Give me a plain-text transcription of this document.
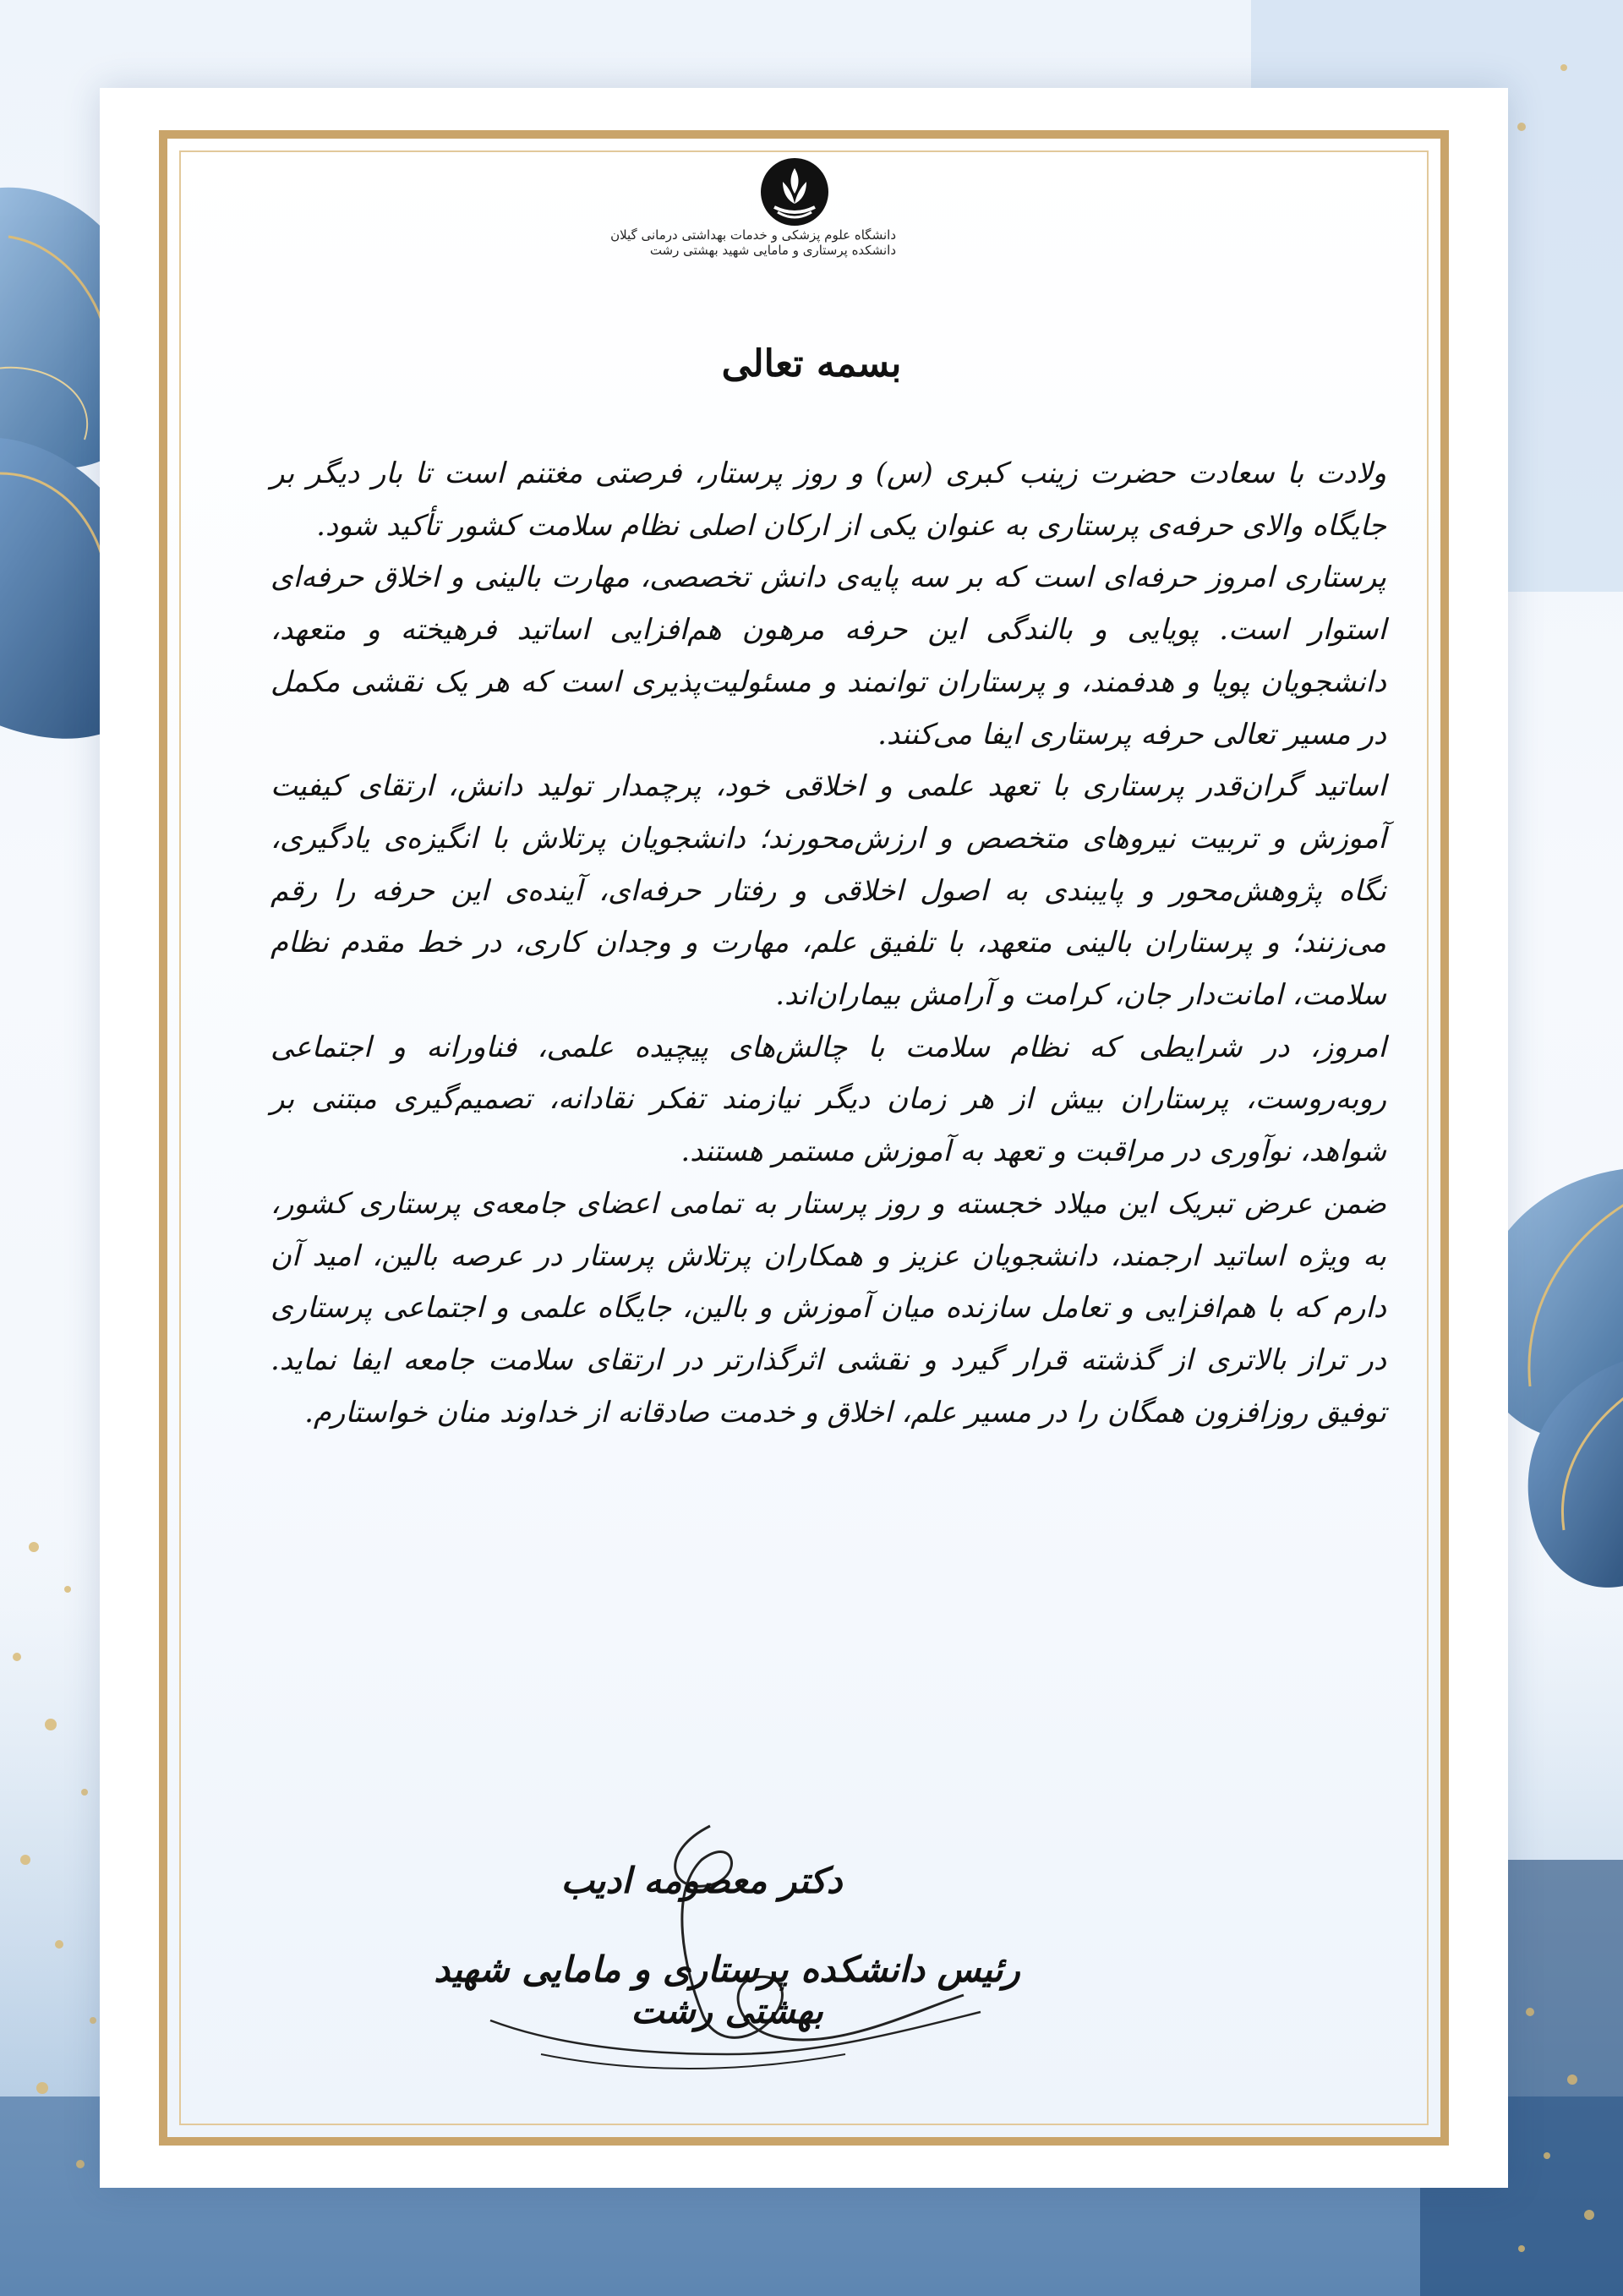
دانشگاه علوم پزشکی و خدمات بهداشتی درمانی گیلان
دانشکده پرستاری و مامایی شهید بهشتی رشت
بسمه تعالی

ولادت با سعادت حضرت زینب کبری (س) و روز پرستار، فرصتی مغتنم است تا بار دیگر بر جایگاه والای حرفه‌ی پرستاری به عنوان یکی از ارکان اصلی نظام سلامت کشور تأکید شود.

پرستاری امروز حرفه‌ای است که بر سه پایه‌ی دانش تخصصی، مهارت بالینی و اخلاق حرفه‌ای استوار است. پویایی و بالندگی این حرفه مرهون هم‌افزایی اساتید فرهیخته و متعهد، دانشجویان پویا و هدفمند، و پرستاران توانمند و مسئولیت‌پذیری است که هر یک نقشی مکمل در مسیر تعالی حرفه پرستاری ایفا می‌کنند.

اساتید گران‌قدر پرستاری با تعهد علمی و اخلاقی خود، پرچمدار تولید دانش، ارتقای کیفیت آموزش و تربیت نیروهای متخصص و ارزش‌محورند؛ دانشجویان پرتلاش با انگیزه‌ی یادگیری، نگاه پژوهش‌محور و پایبندی به اصول اخلاقی و رفتار حرفه‌ای، آینده‌ی این حرفه را رقم می‌زنند؛ و پرستاران بالینی متعهد، با تلفیق علم، مهارت و وجدان کاری، در خط مقدم نظام سلامت، امانت‌دار جان، کرامت و آرامش بیماران‌اند.

امروز، در شرایطی که نظام سلامت با چالش‌های پیچیده علمی، فناورانه و اجتماعی روبه‌روست، پرستاران بیش از هر زمان دیگر نیازمند تفکر نقادانه، تصمیم‌گیری مبتنی بر شواهد، نوآوری در مراقبت و تعهد به آموزش مستمر هستند.

ضمن عرض تبریک این میلاد خجسته و روز پرستار به تمامی اعضای جامعه‌ی پرستاری کشور، به ویژه اساتید ارجمند، دانشجویان عزیز و همکاران پرتلاش پرستار در عرصه بالین، امید آن دارم که با هم‌افزایی و تعامل سازنده میان آموزش و بالین، جایگاه علمی و اجتماعی پرستاری در تراز بالاتری از گذشته قرار گیرد و نقشی اثرگذارتر در ارتقای سلامت جامعه ایفا نماید. توفیق روزافزون همگان را در مسیر علم، اخلاق و خدمت صادقانه از خداوند منان خواستارم.

دکتر معصومه ادیب
رئیس دانشکده پرستاری و مامایی شهید بهشتی رشت
